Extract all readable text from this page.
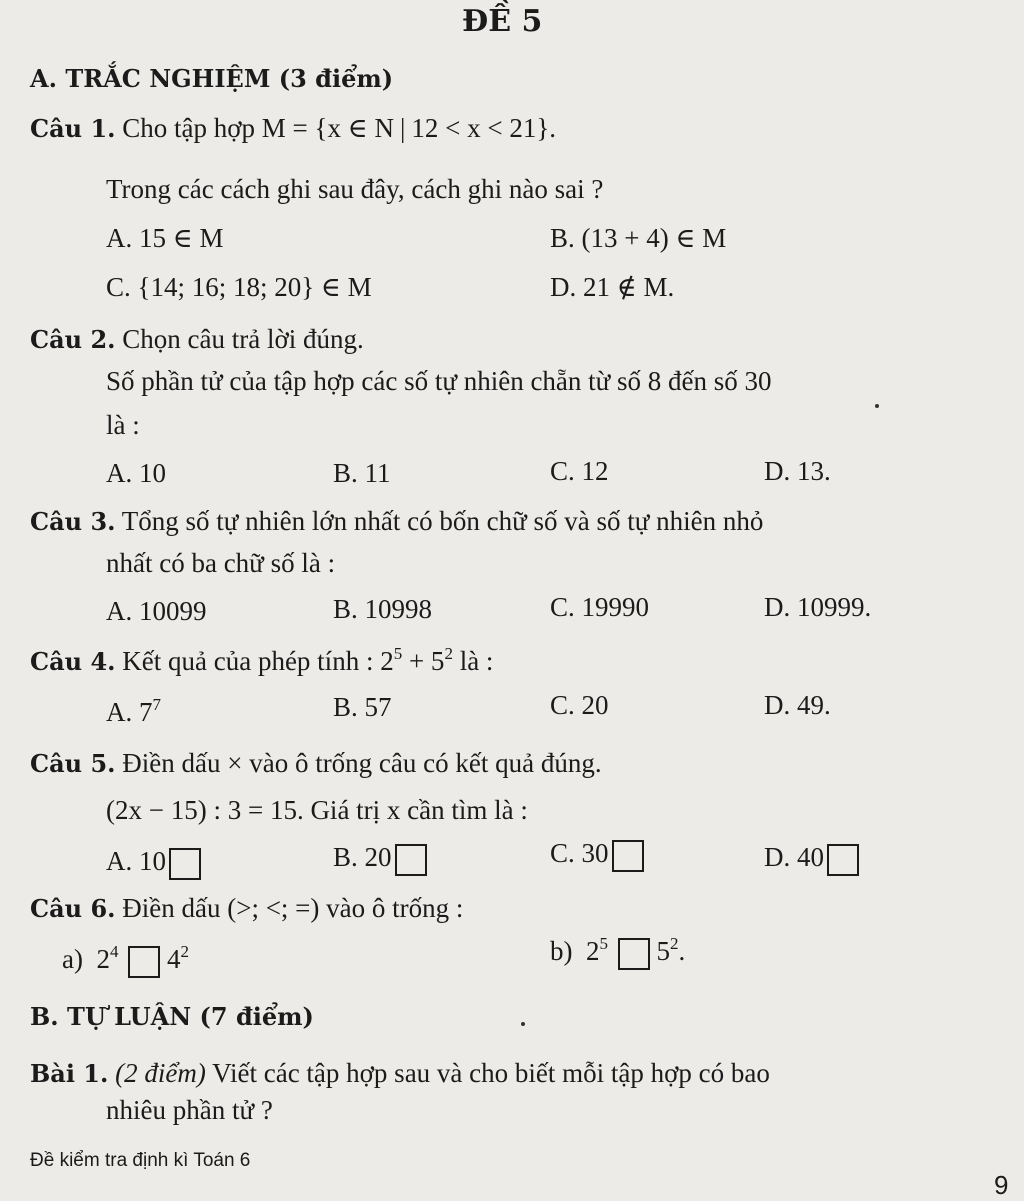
ĐỀ 5
A. TRẮC NGHIỆM (3 điểm)
Câu 1. Cho tập hợp M = {x ∈ N | 12 < x < 21}.
Trong các cách ghi sau đây, cách ghi nào sai ?
A. 15 ∈ M	B. (13 + 4) ∈ M
C. {14; 16; 18; 20} ∈ M	D. 21 ∉ M.
Câu 2. Chọn câu trả lời đúng.
Số phần tử của tập hợp các số tự nhiên chẵn từ số 8 đến số 30
là :
A. 10	B. 11	C. 12	D. 13.
Câu 3. Tổng số tự nhiên lớn nhất có bốn chữ số và số tự nhiên nhỏ
nhất có ba chữ số là :
A. 10099	B. 10998	C. 19990	D. 10999.
Câu 4. Kết quả của phép tính : $2^5 + 5^2$ là :
A. $7^7$	B. 57	C. 20	D. 49.
Câu 5. Điền dấu × vào ô trống câu có kết quả đúng.
(2x − 15) : 3 = 15. Giá trị x cần tìm là :
A. 10	B. 20	C. 30	D. 40
Câu 6. Điền dấu (>; <; =) vào ô trống :
a) $2^4$ $4^2$	b) $2^5$ $5^2$.
B. TỰ LUẬN (7 điểm)
Bài 1. (2 điểm) Viết các tập hợp sau và cho biết mỗi tập hợp có bao
nhiêu phần tử ?
Đề kiểm tra định kì Toán 6
9
